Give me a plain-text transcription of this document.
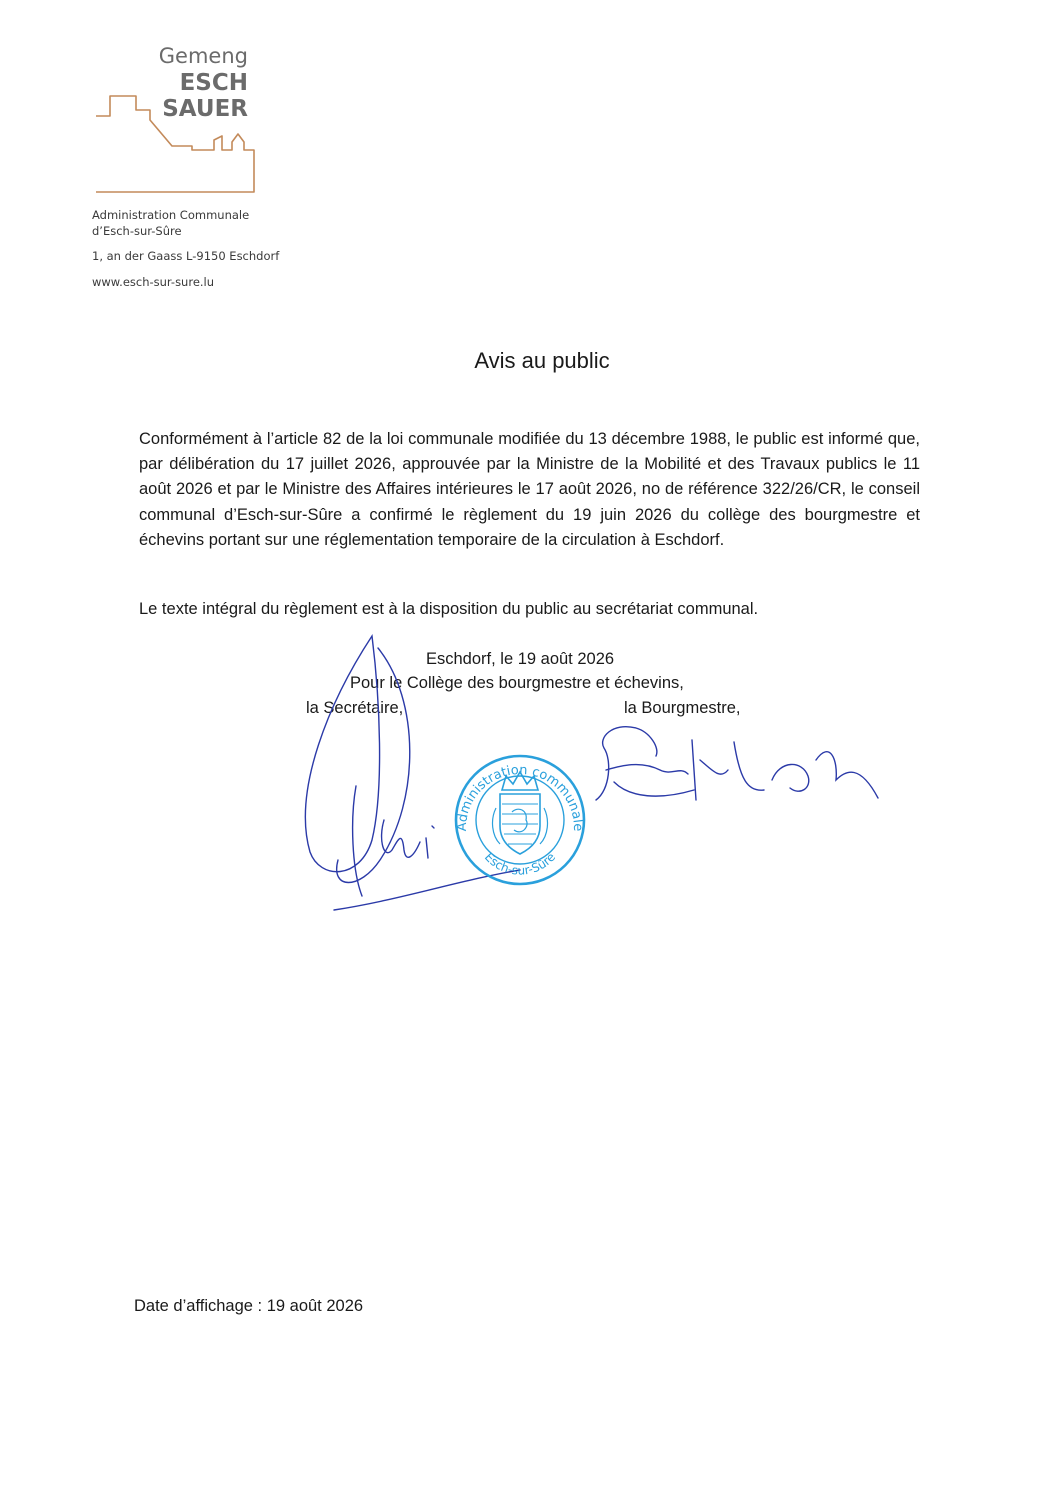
Gemeng
ESCH
SAUER
Administration Communale
d’Esch-sur-Sûre
1, an der Gaass L-9150 Eschdorf
www.esch-sur-sure.lu
Avis au public
Conformément à l’article 82 de la loi communale modifiée du 13 décembre 1988, le public est informé que, par délibération du 17 juillet 2026, approuvée par la Ministre de la Mobilité et des Travaux publics le 11 août 2026 et par le Ministre des Affaires intérieures le 17 août 2026, no de référence 322/26/CR, le conseil communal d’Esch-sur-Sûre a confirmé le règlement du 19 juin 2026 du collège des bourgmestre et échevins portant sur une réglementation temporaire de la circulation à Eschdorf.
Le texte intégral du règlement est à la disposition du public au secrétariat communal.
Eschdorf, le 19 août 2026
Pour le Collège des bourgmestre et échevins,
la Secrétaire,	la Bourgmestre,
Administration communale
Esch-sur-Sûre
Date d’affichage : 19 août 2026
